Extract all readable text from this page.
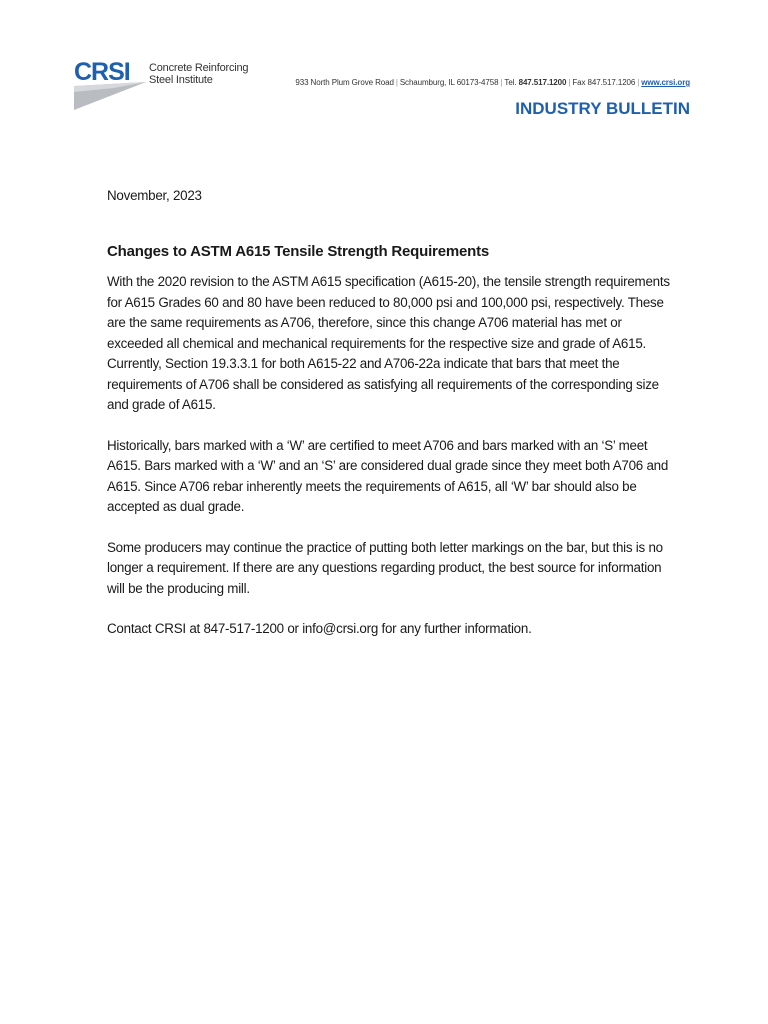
CRSI Concrete Reinforcing
Steel Institute	933 North Plum Grove Road | Schaumburg, IL 60173-4758 | Tel. 847.517.1200 | Fax 847.517.1206 | www.crsi.org
INDUSTRY BULLETIN

November, 2023

Changes to ASTM A615 Tensile Strength Requirements

With the 2020 revision to the ASTM A615 specification (A615-20), the tensile strength requirements for A615 Grades 60 and 80 have been reduced to 80,000 psi and 100,000 psi, respectively. These are the same requirements as A706, therefore, since this change A706 material has met or exceeded all chemical and mechanical requirements for the respective size and grade of A615. Currently, Section 19.3.3.1 for both A615-22 and A706-22a indicate that bars that meet the requirements of A706 shall be considered as satisfying all requirements of the corresponding size and grade of A615.

Historically, bars marked with a ‘W’ are certified to meet A706 and bars marked with an ‘S’ meet A615. Bars marked with a ‘W’ and an ‘S’ are considered dual grade since they meet both A706 and A615. Since A706 rebar inherently meets the requirements of A615, all ‘W’ bar should also be accepted as dual grade.

Some producers may continue the practice of putting both letter markings on the bar, but this is no longer a requirement. If there are any questions regarding product, the best source for information will be the producing mill.

Contact CRSI at 847-517-1200 or info@crsi.org for any further information.
